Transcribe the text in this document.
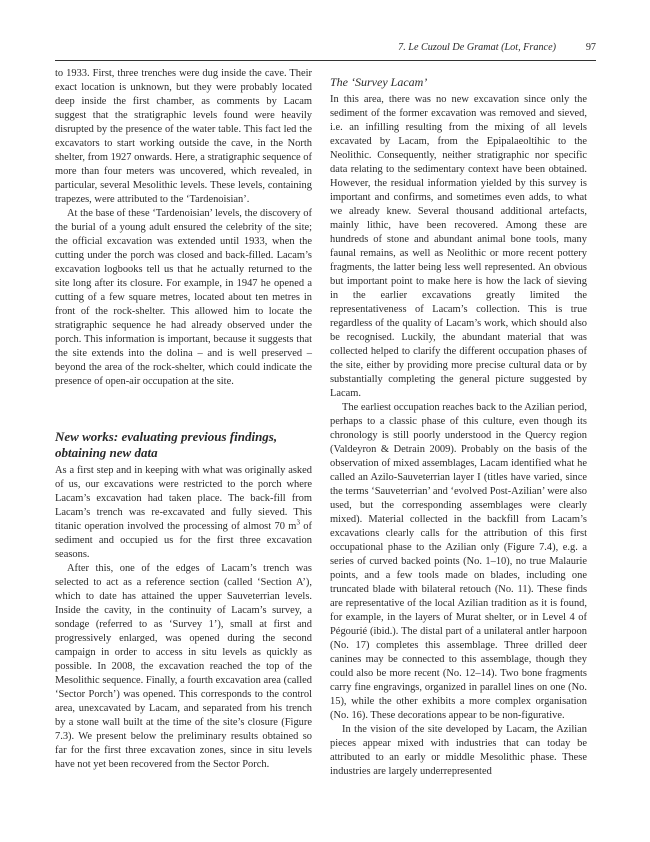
7. Le Cuzoul De Gramat (Lot, France)	97

to 1933. First, three trenches were dug inside the cave. Their exact location is unknown, but they were probably located deep inside the first chamber, as comments by Lacam suggest that the stratigraphic levels found were heavily disrupted by the presence of the water table. This fact led the excavators to start working outside the cave, in the North shelter, from 1927 onwards. Here, a stratigraphic sequence of more than four meters was uncovered, which revealed, in particular, several Mesolithic levels. These levels, containing trapezes, were attributed to the ‘Tardenoisian’.

At the base of these ‘Tardenoisian’ levels, the discovery of the burial of a young adult ensured the celebrity of the site; the official excavation was extended until 1933, when the cutting under the porch was closed and back-filled. Lacam’s excavation logbooks tell us that he actually returned to the site long after its closure. For example, in 1947 he opened a cutting of a few square metres, located about ten metres in front of the rock-shelter. This allowed him to locate the stratigraphic sequence he had already observed under the porch. This information is important, because it suggests that the site extends into the dolina – and is well preserved – beyond the area of the rock-shelter, which could indicate the presence of open-air occupation at the site.

New works: evaluating previous findings, obtaining new data

As a first step and in keeping with what was originally asked of us, our excavations were restricted to the porch where Lacam’s excavation had taken place. The back-fill from Lacam’s trench was re-excavated and fully sieved. This titanic operation involved the processing of almost 70 $m^3$ of sediment and occupied us for the first three excavation seasons.

After this, one of the edges of Lacam’s trench was selected to act as a reference section (called ‘Section A’), which to date has attained the upper Sauveterrian levels. Inside the cavity, in the continuity of Lacam’s survey, a sondage (referred to as ‘Survey 1’), small at first and progressively enlarged, was opened during the second campaign in order to access in situ levels as quickly as possible. In 2008, the excavation reached the top of the Mesolithic sequence. Finally, a fourth excavation area (called ‘Sector Porch’) was opened. This corresponds to the control area, unexcavated by Lacam, and separated from his trench by a stone wall built at the time of the site’s closure (Figure 7.3). We present below the preliminary results obtained so far for the first three excavation zones, since in situ levels have not yet been recovered from the Sector Porch.

The ‘Survey Lacam’

In this area, there was no new excavation since only the sediment of the former excavation was removed and sieved, i.e. an infilling resulting from the mixing of all levels excavated by Lacam, from the Epipalaeoltihic to the Neolithic. Consequently, neither stratigraphic nor specific data relating to the sedimentary context have been obtained. However, the residual information yielded by this survey is important and confirms, and sometimes even adds, to what we already knew. Several thousand additional artefacts, mainly lithic, have been recovered. Among these are hundreds of stone and abundant animal bone tools, many faunal remains, as well as Neolithic or more recent pottery fragments, the latter being less well represented. An obvious but important point to make here is how the lack of sieving in the earlier excavations greatly limited the representativeness of Lacam’s collection. This is true regardless of the quality of Lacam’s work, which should also be recognised. Luckily, the abundant material that was collected helped to clarify the different occupation phases of the site, either by providing more precise cultural data or by substantially completing the general picture suggested by Lacam.

The earliest occupation reaches back to the Azilian period, perhaps to a classic phase of this culture, even though its chronology is still poorly understood in the Quercy region (Valdeyron & Detrain 2009). Probably on the basis of the observation of mixed assemblages, Lacam identified what he called an Azilo-Sauveterrian layer I (titles have varied, since the terms ‘Sauveterrian’ and ‘evolved Post-Azilian’ were also used, but the corresponding assemblages were clearly mixed). Material collected in the backfill from Lacam’s excavations clearly calls for the attribution of this first occupational phase to the Azilian only (Figure 7.4), e.g. a series of curved backed points (No. 1–10), no true Malaurie points, and a few tools made on blades, including one truncated blade with bilateral retouch (No. 11). These finds are representative of the local Azilian tradition as it is found, for example, in the layers of Murat shelter, or in Level 4 of Pégourié (ibid.). The distal part of a unilateral antler harpoon (No. 17) completes this assemblage. Three drilled deer canines may be connected to this assemblage, though they could also be more recent (No. 12–14). Two bone fragments carry fine engravings, organized in parallel lines on one (No. 15), while the other exhibits a more complex organisation (No. 16). These decorations appear to be non-figurative.

In the vision of the site developed by Lacam, the Azilian pieces appear mixed with industries that can today be attributed to an early or middle Mesolithic phase. These industries are largely underrepresented
